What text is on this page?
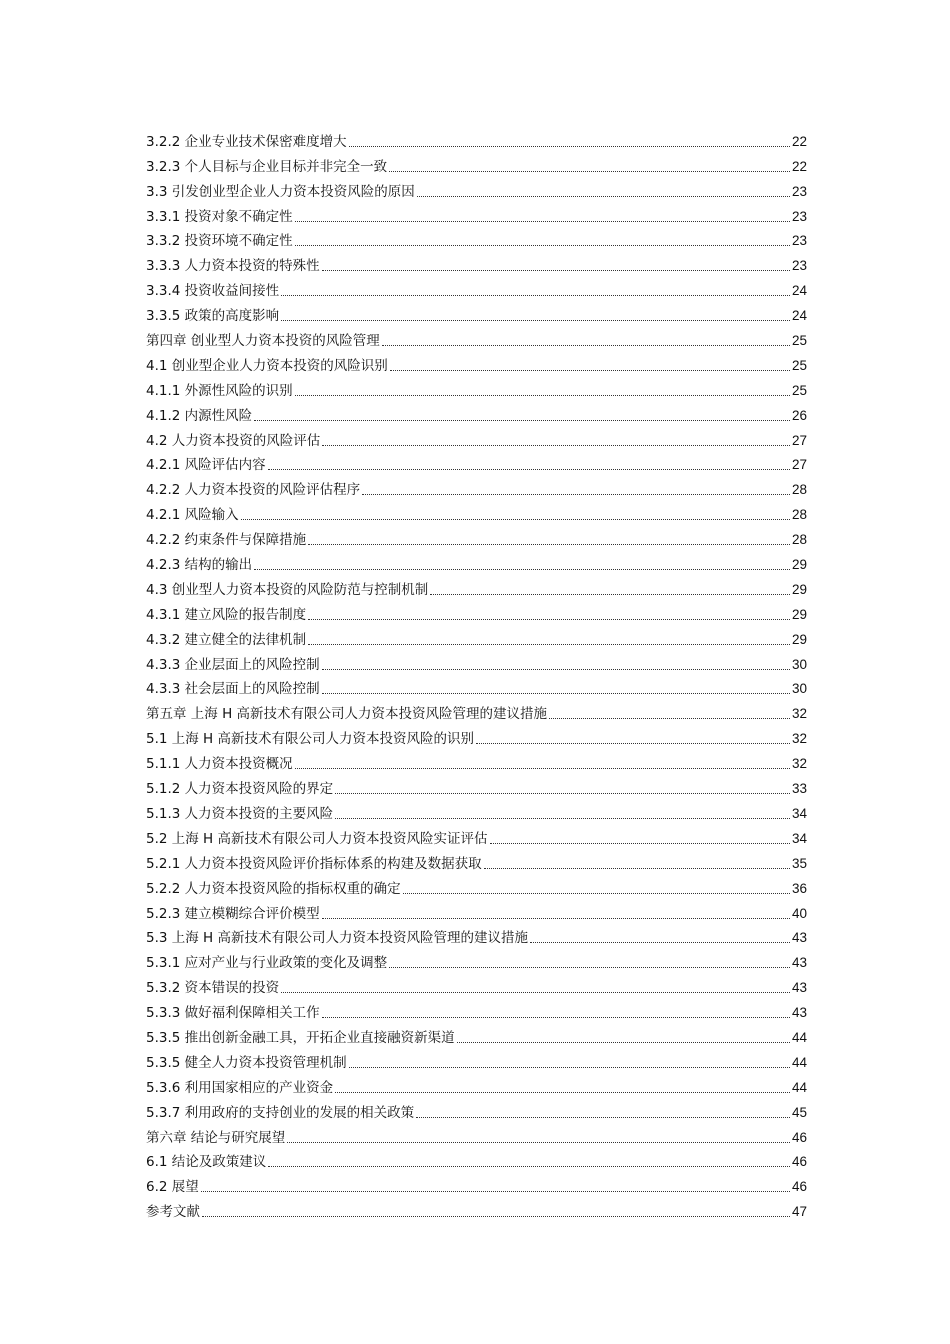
3.2.2 企业专业技术保密难度增大	22
3.2.3 个人目标与企业目标并非完全一致	22
3.3 引发创业型企业人力资本投资风险的原因	23
3.3.1 投资对象不确定性	23
3.3.2 投资环境不确定性	23
3.3.3 人力资本投资的特殊性	23
3.3.4 投资收益间接性	24
3.3.5 政策的高度影响	24
第四章 创业型人力资本投资的风险管理	25
4.1 创业型企业人力资本投资的风险识别	25
4.1.1 外源性风险的识别	25
4.1.2 内源性风险	26
4.2 人力资本投资的风险评估	27
4.2.1 风险评估内容	27
4.2.2 人力资本投资的风险评估程序	28
4.2.1 风险输入	28
4.2.2 约束条件与保障措施	28
4.2.3 结构的输出	29
4.3 创业型人力资本投资的风险防范与控制机制	29
4.3.1 建立风险的报告制度	29
4.3.2 建立健全的法律机制	29
4.3.3 企业层面上的风险控制	30
4.3.3 社会层面上的风险控制	30
第五章 上海 H 高新技术有限公司人力资本投资风险管理的建议措施	32
5.1 上海 H 高新技术有限公司人力资本投资风险的识别	32
5.1.1 人力资本投资概况	32
5.1.2 人力资本投资风险的界定	33
5.1.3 人力资本投资的主要风险	34
5.2 上海 H 高新技术有限公司人力资本投资风险实证评估	34
5.2.1 人力资本投资风险评价指标体系的构建及数据获取	35
5.2.2 人力资本投资风险的指标权重的确定	36
5.2.3 建立模糊综合评价模型	40
5.3 上海 H 高新技术有限公司人力资本投资风险管理的建议措施	43
5.3.1 应对产业与行业政策的变化及调整	43
5.3.2 资本错误的投资	43
5.3.3 做好福利保障相关工作	43
5.3.5 推出创新金融工具，开拓企业直接融资新渠道	44
5.3.5 健全人力资本投资管理机制	44
5.3.6 利用国家相应的产业资金	44
5.3.7 利用政府的支持创业的发展的相关政策	45
第六章 结论与研究展望	46
6.1 结论及政策建议	46
6.2 展望	46
参考文献	47
